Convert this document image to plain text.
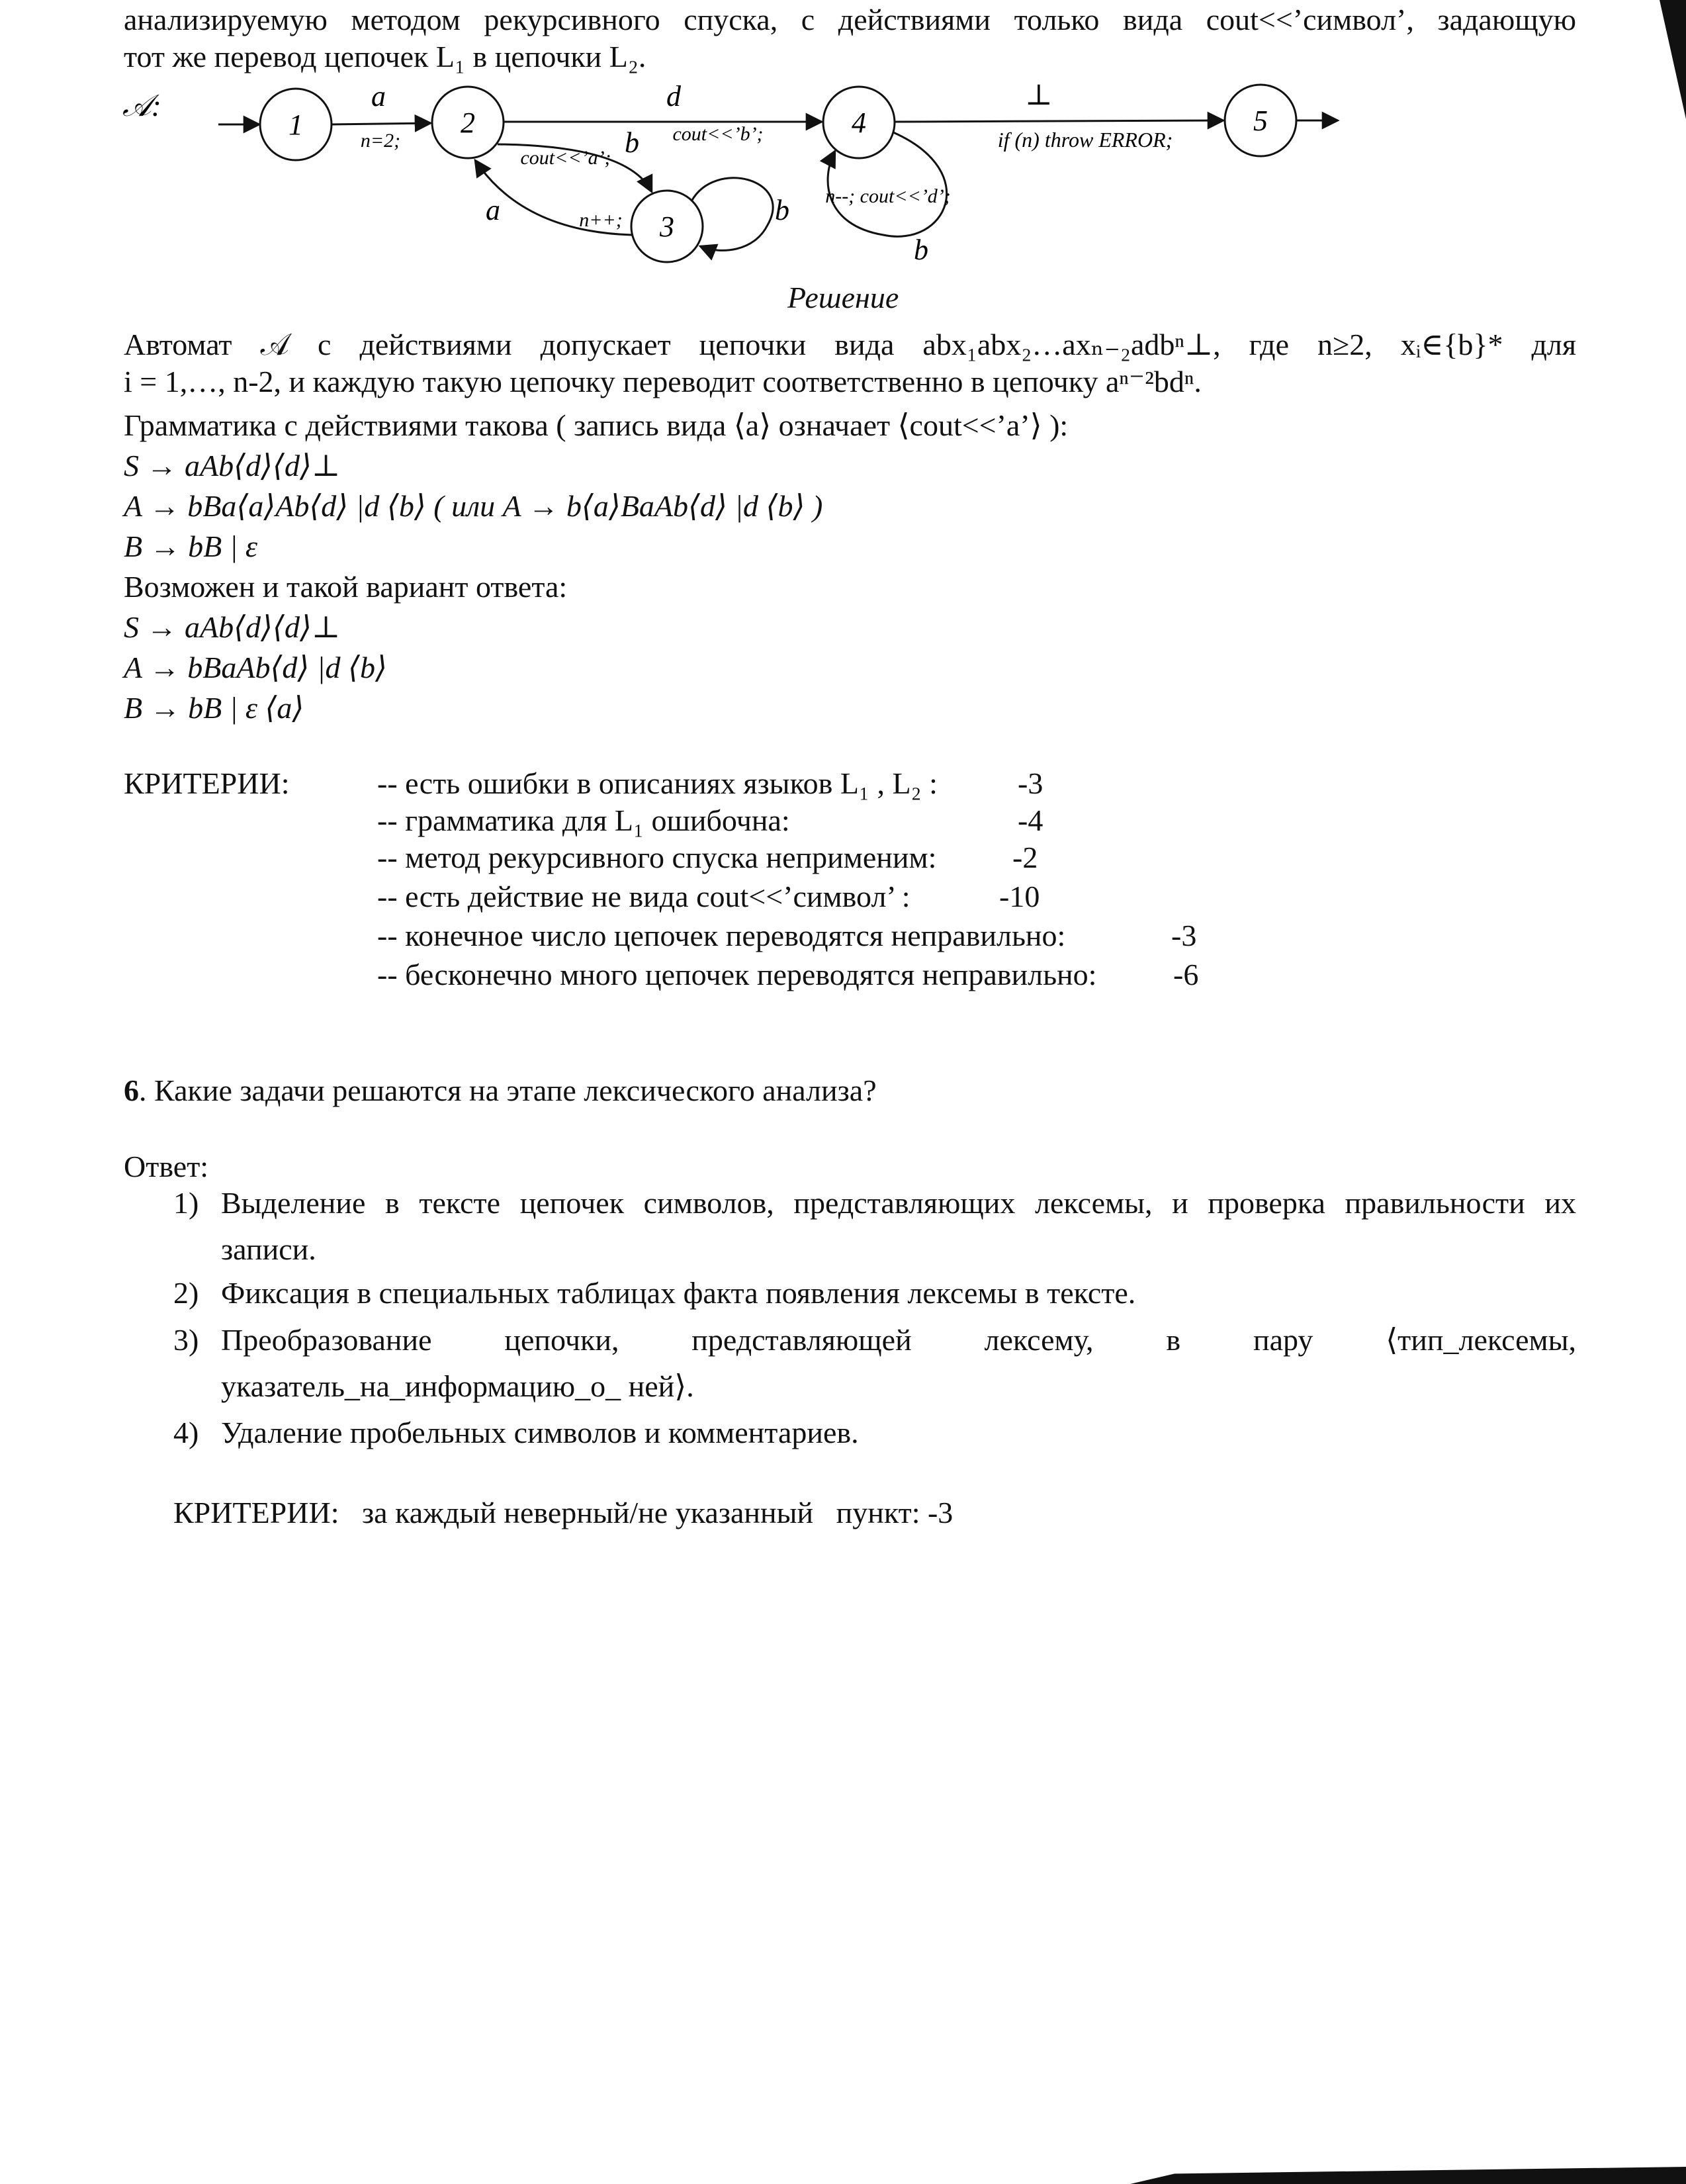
анализируемую методом рекурсивного спуска, с действиями только вида cout<<’символ’, задающую
тот же перевод цепочек L₁ в цепочки L₂.
𝒜:
1	2
3
4	5
a
n=2;
d
cout<<’b’;
b
cout<<’a’;
a	n++;	b
b
n--; cout<<’d’;
⊥
if (n) throw ERROR;
Решение
Автомат 𝒜 с действиями допускает цепочки вида abx₁abx₂…axₙ₋₂adbⁿ⊥, где n≥2, xᵢ∈{b}* для
i = 1,…, n-2, и каждую такую цепочку переводит соответственно в цепочку aⁿ⁻²bdⁿ.
Грамматика с действиями такова ( запись вида ⟨a⟩ означает ⟨cout<<’a’⟩ ):
S → aAb⟨d⟩⟨d⟩⊥
A → bBa⟨a⟩Ab⟨d⟩ |d ⟨b⟩ ( или A → b⟨a⟩BaAb⟨d⟩ |d ⟨b⟩ )
B → bB | ε
Возможен и такой вариант ответа:
S → aAb⟨d⟩⟨d⟩⊥
A → bBaAb⟨d⟩ |d ⟨b⟩
B → bB | ε ⟨a⟩
КРИТЕРИИ:	-- есть ошибки в описаниях языков L₁ , L₂ :	-3
-- грамматика для L₁ ошибочна:	-4
-- метод рекурсивного спуска неприменим: -2
-- есть действие не вида cout<<’символ’ :	-10
-- конечное число цепочек переводятся неправильно:	-3
-- бесконечно много цепочек переводятся неправильно:	-6
6. Какие задачи решаются на этапе лексического анализа?
Ответ:
1) Выделение в тексте цепочек символов, представляющих лексемы, и проверка правильности их
записи.
2) Фиксация в специальных таблицах факта появления лексемы в тексте.
3) Преобразование цепочки, представляющей лексему, в пару ⟨тип_лексемы,
указатель_на_информацию_о_ ней⟩.
4) Удаление пробельных символов и комментариев.
КРИТЕРИИ:   за каждый неверный/не указанный   пункт: -3
